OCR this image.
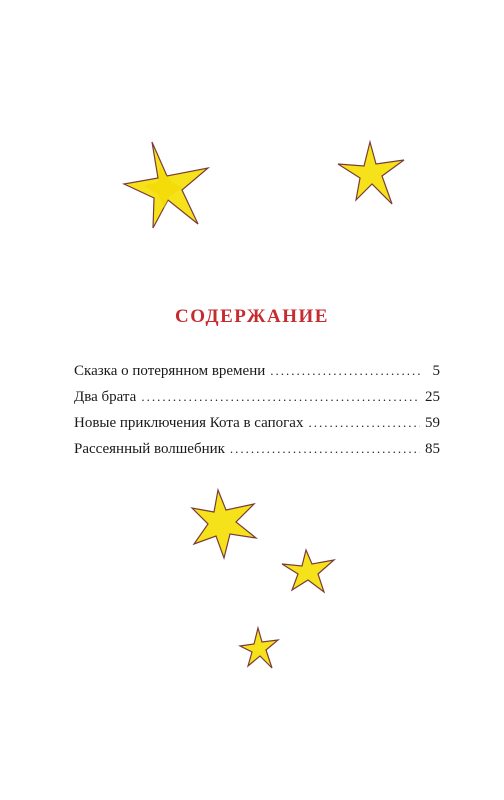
СОДЕРЖАНИЕ
Сказка о потерянном времени .....	5
Два брата .....	25
Новые приключения Кота в сапогах .....	59
Рассеянный волшебник .....	85
